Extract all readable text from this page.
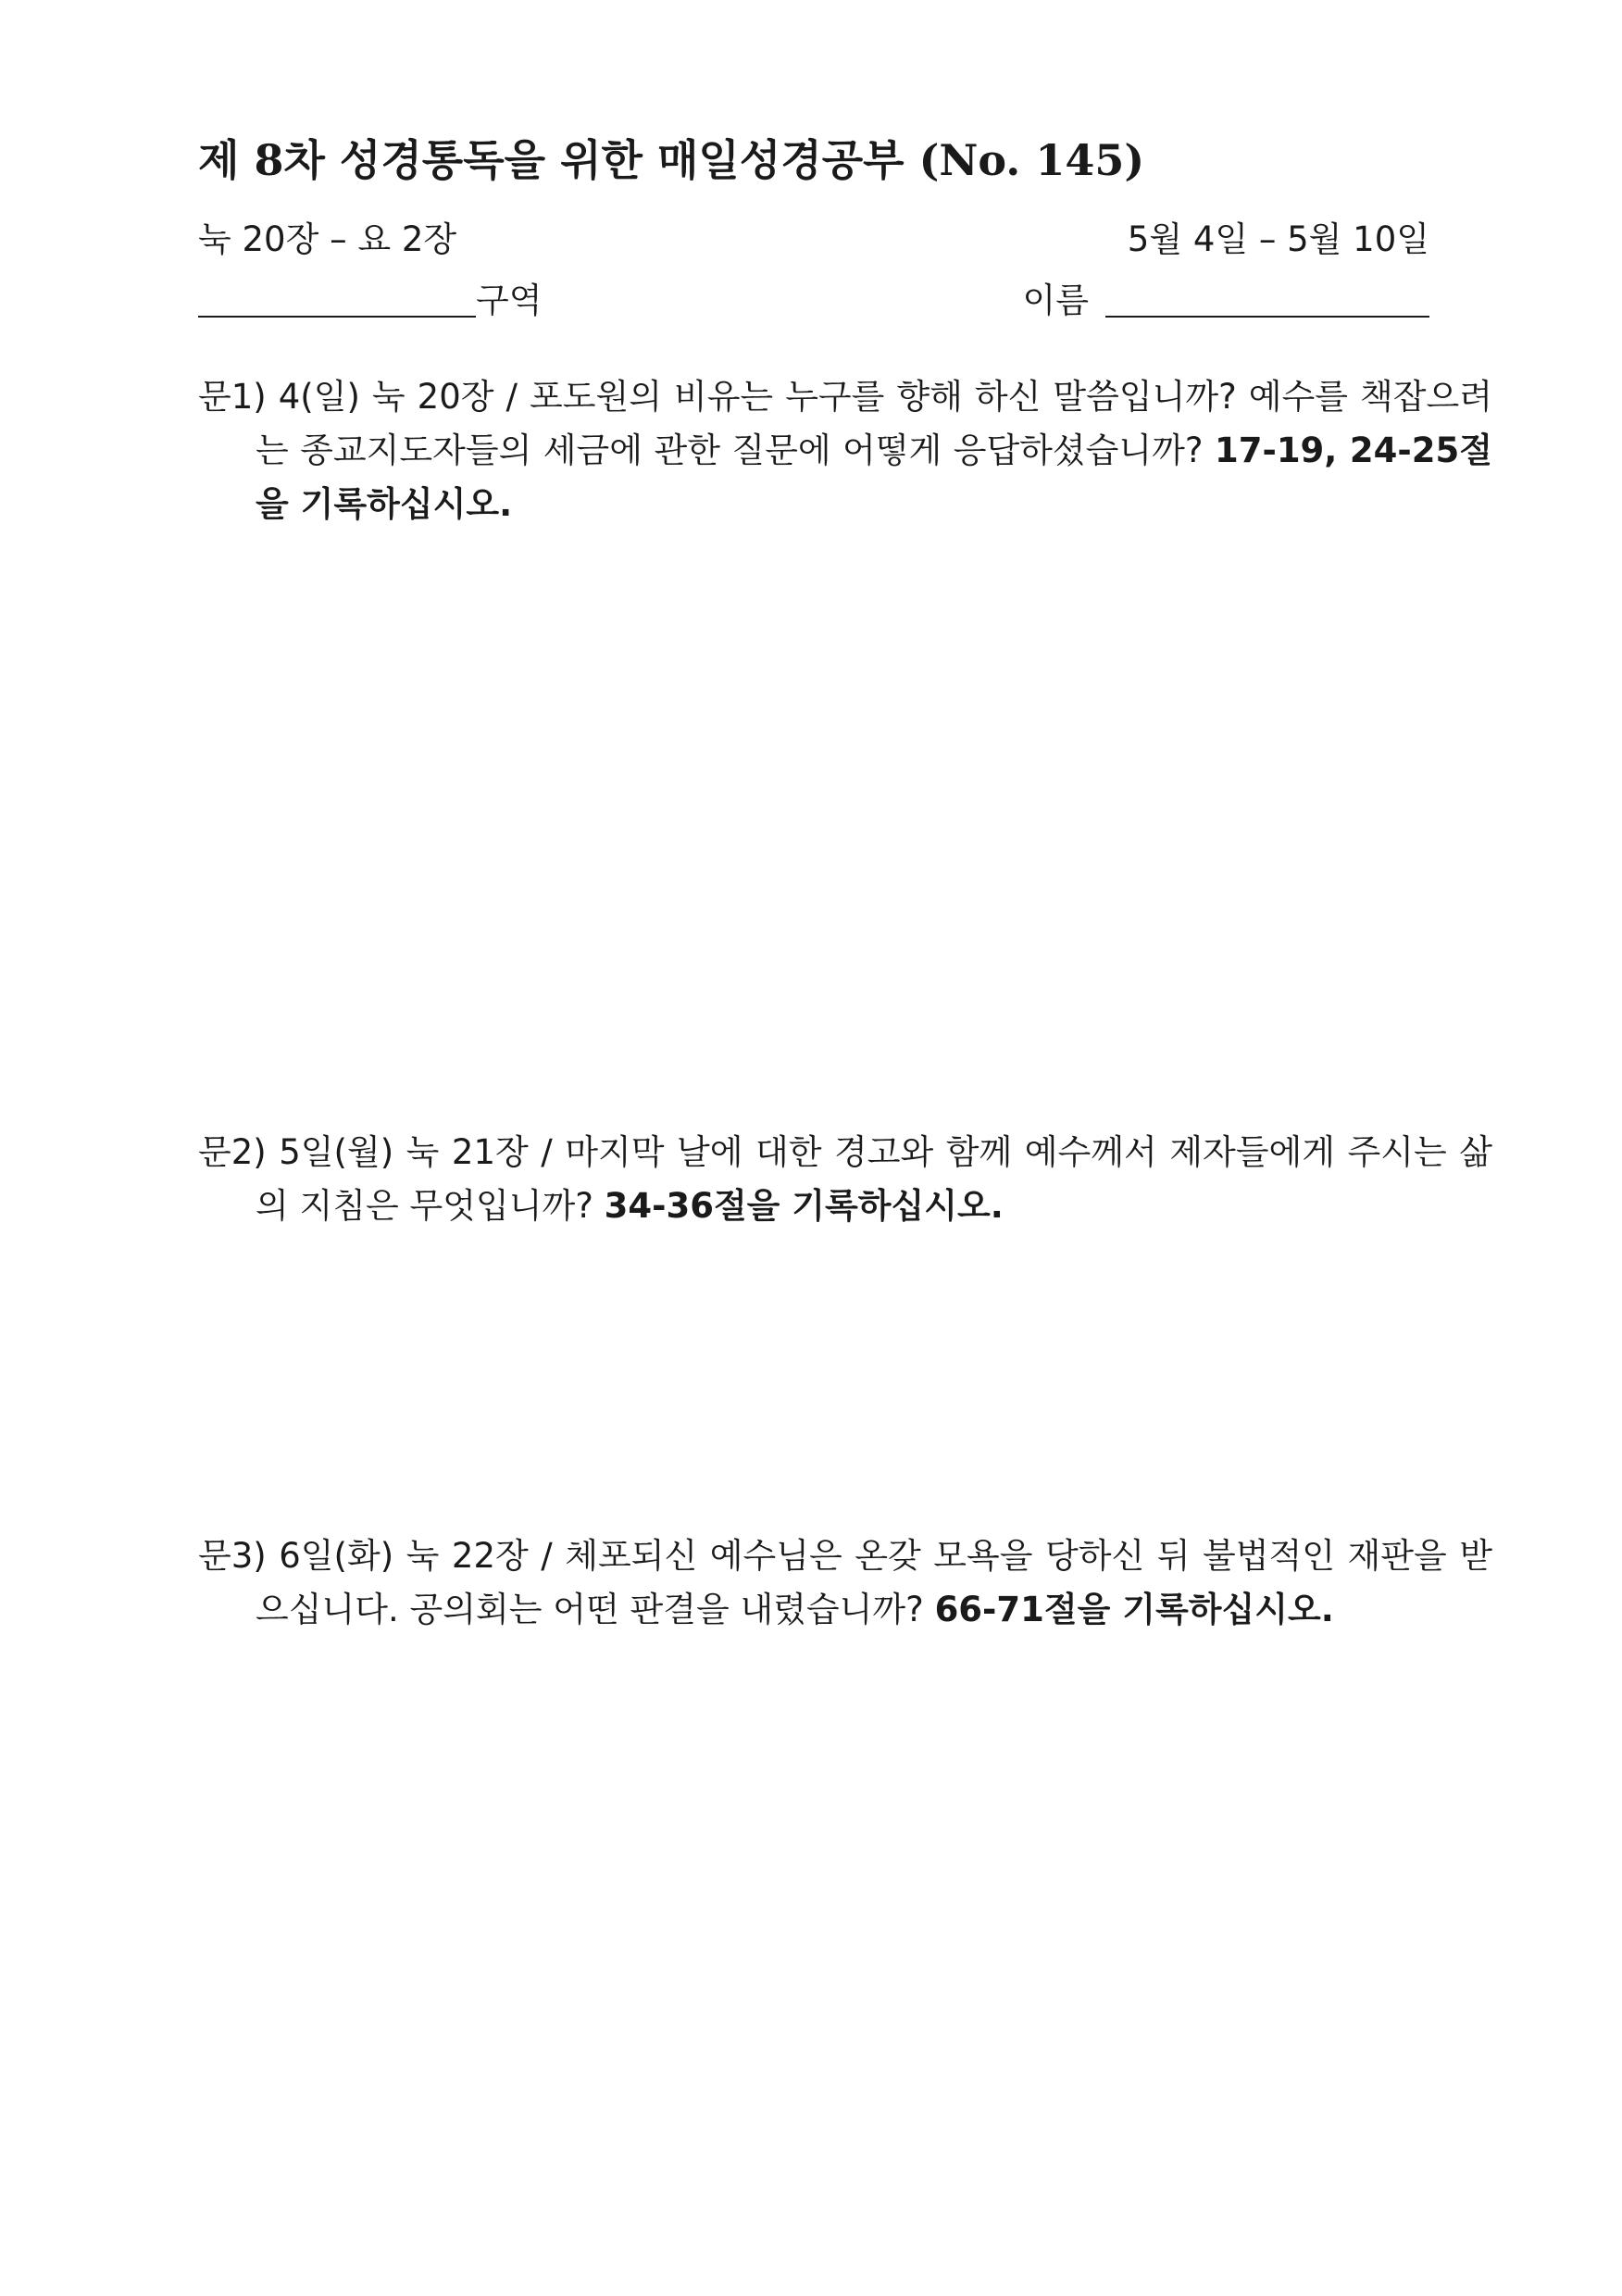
제 8차 성경통독을 위한 매일성경공부 (No. 145)
눅 20장 – 요 2장	5월 4일 – 5월 10일
구역	이름

문1) 4(일) 눅 20장 / 포도원의 비유는 누구를 향해 하신 말씀입니까? 예수를 책잡으려는 종교지도자들의 세금에 관한 질문에 어떻게 응답하셨습니까? 17-19, 24-25절을 기록하십시오.

문2) 5일(월) 눅 21장 / 마지막 날에 대한 경고와 함께 예수께서 제자들에게 주시는 삶의 지침은 무엇입니까? 34-36절을 기록하십시오.

문3) 6일(화) 눅 22장 / 체포되신 예수님은 온갖 모욕을 당하신 뒤 불법적인 재판을 받으십니다. 공의회는 어떤 판결을 내렸습니까? 66-71절을 기록하십시오.
